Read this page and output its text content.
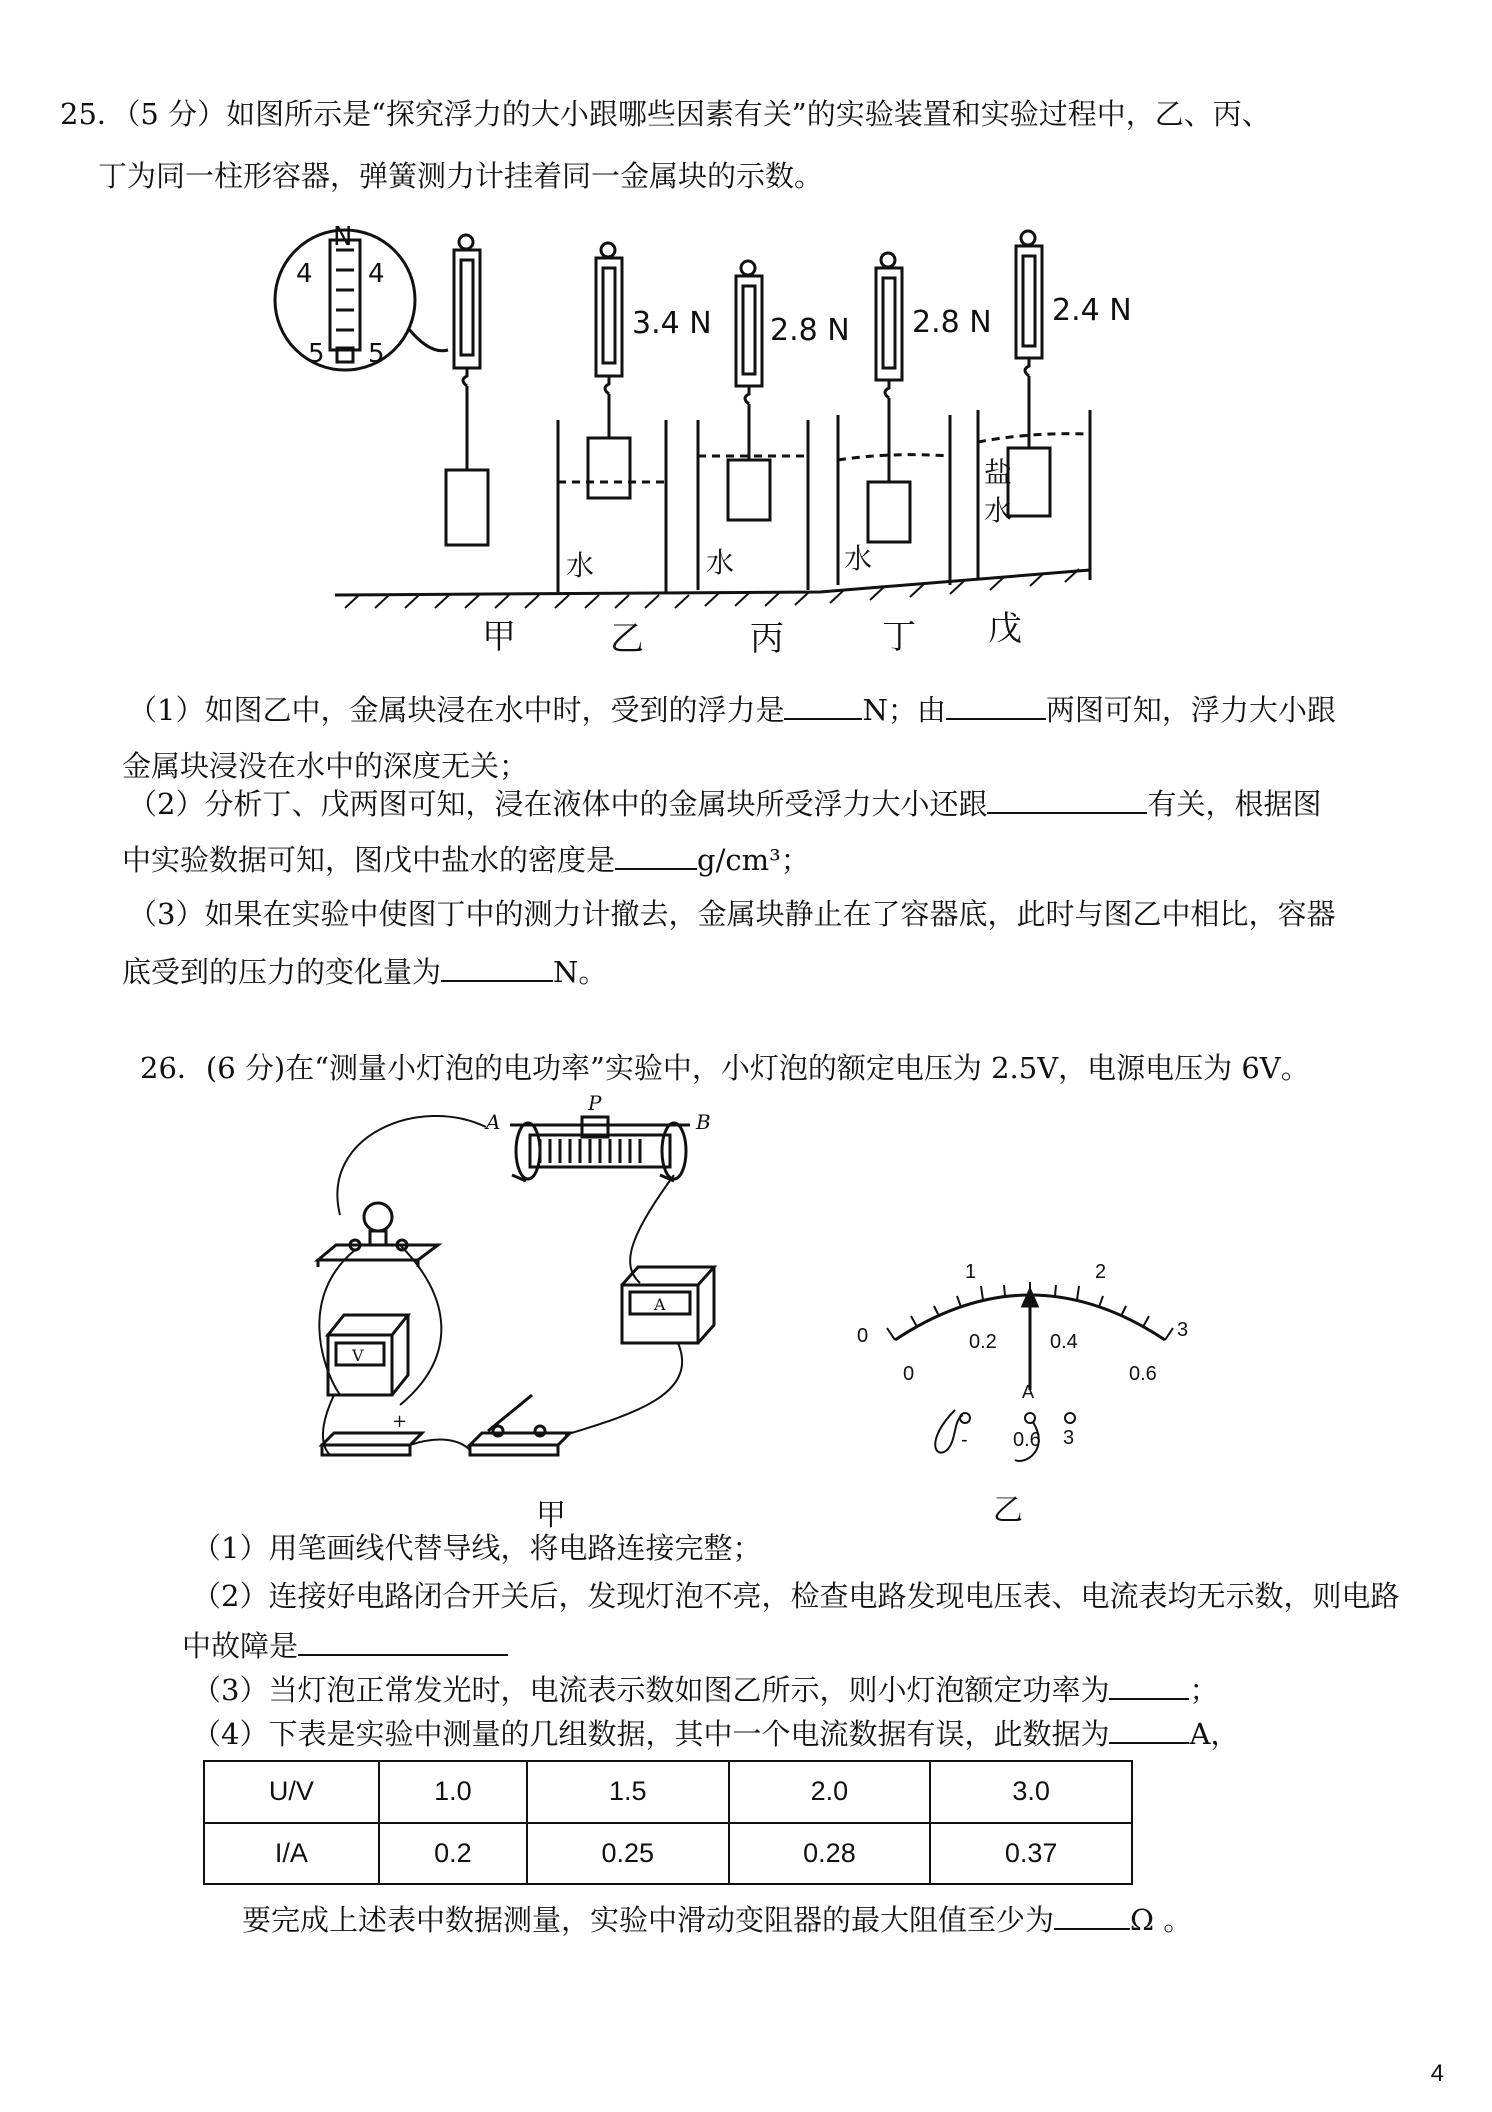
25．（5 分）如图所示是“探究浮力的大小跟哪些因素有关”的实验装置和实验过程中，乙、丙、
丁为同一柱形容器，弹簧测力计挂着同一金属块的示数。
N
4 4
5 5
水
3.4 N
水
2.8 N
水
2.8 N
盐
水
2.4 N
甲	乙	丙	丁 戊
（1）如图乙中，金属块浸在水中时，受到的浮力是	N；由	两图可知，浮力大小跟
金属块浸没在水中的深度无关；
（2）分析丁、戊两图可知，浸在液体中的金属块所受浮力大小还跟	有关，根据图
中实验数据可知，图戊中盐水的密度是	g/cm³；
（3）如果在实验中使图丁中的测力计撤去，金属块静止在了容器底，此时与图乙中相比，容器
底受到的压力的变化量为	N。
26．(6 分)在“测量小灯泡的电功率”实验中，小灯泡的额定电压为 2.5V，电源电压为 6V。
A
P
B
V
A
+
甲
0
1	2
3
0
0.2	0.4
0.6
A
- 0.6 3
乙
（1）用笔画线代替导线，将电路连接完整；
（2）连接好电路闭合开关后，发现灯泡不亮，检查电路发现电压表、电流表均无示数，则电路
中故障是
（3）当灯泡正常发光时，电流表示数如图乙所示，则小灯泡额定功率为	；
（4）下表是实验中测量的几组数据，其中一个电流数据有误，此数据为	A，
U/V	1.0	1.5	2.0	3.0
I/A	0.2	0.25	0.28	0.37
要完成上述表中数据测量，实验中滑动变阻器的最大阻值至少为	Ω 。
4
